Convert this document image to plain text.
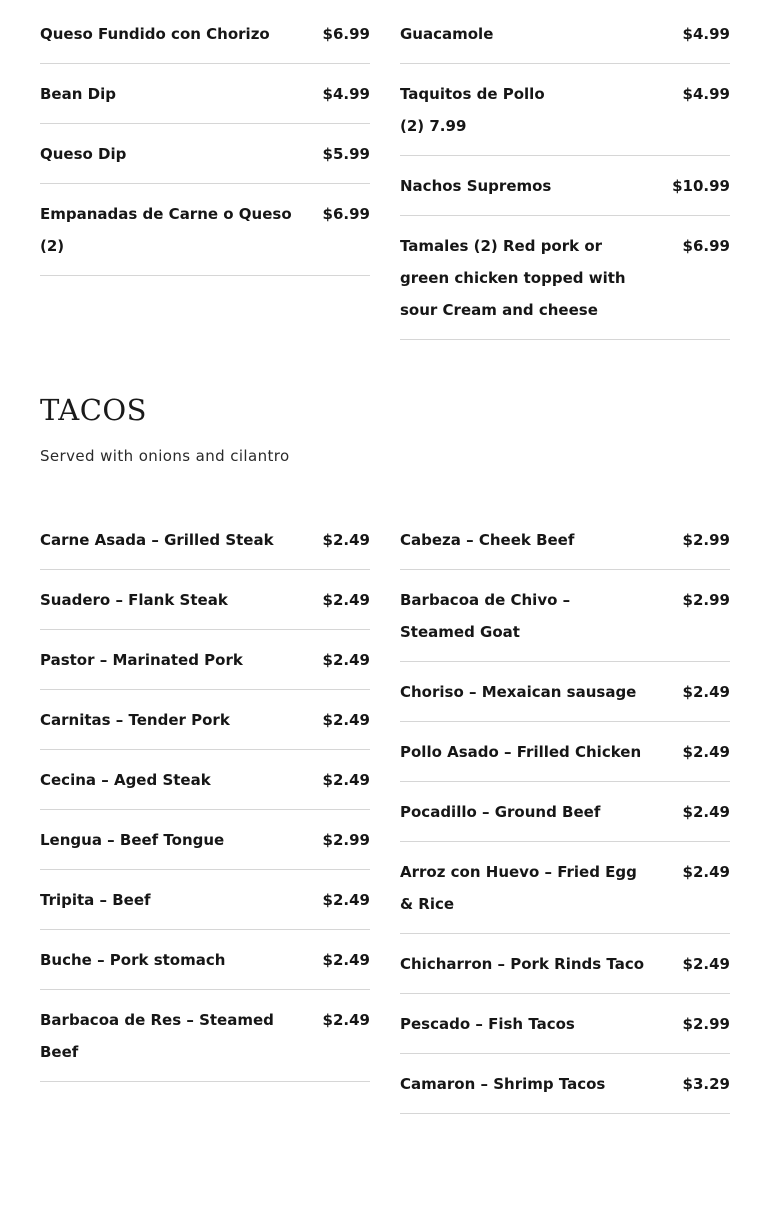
Queso Fundido con Chorizo	$6.99
Bean Dip	$4.99
Queso Dip	$5.99
Empanadas de Carne o Queso (2)
$6.99
Guacamole	$4.99
Taquitos de Pollo (2) 7.99
$4.99
Nachos Supremos	$10.99
Tamales (2) Red pork or green chicken topped with sour Cream and cheese
$6.99
TACOS

Served with onions and cilantro

Carne Asada – Grilled Steak	$2.49
Suadero – Flank Steak	$2.49
Pastor – Marinated Pork	$2.49
Carnitas – Tender Pork	$2.49
Cecina – Aged Steak	$2.49
Lengua – Beef Tongue	$2.99
Tripita – Beef	$2.49
Buche – Pork stomach	$2.49
Barbacoa de Res – Steamed Beef
$2.49
Cabeza – Cheek Beef	$2.99
Barbacoa de Chivo – Steamed Goat
$2.99
Choriso – Mexaican sausage	$2.49
Pollo Asado – Frilled Chicken	$2.49
Pocadillo – Ground Beef	$2.49
Arroz con Huevo – Fried Egg & Rice
$2.49
Chicharron – Pork Rinds Taco	$2.49
Pescado – Fish Tacos	$2.99
Camaron – Shrimp Tacos	$3.29
